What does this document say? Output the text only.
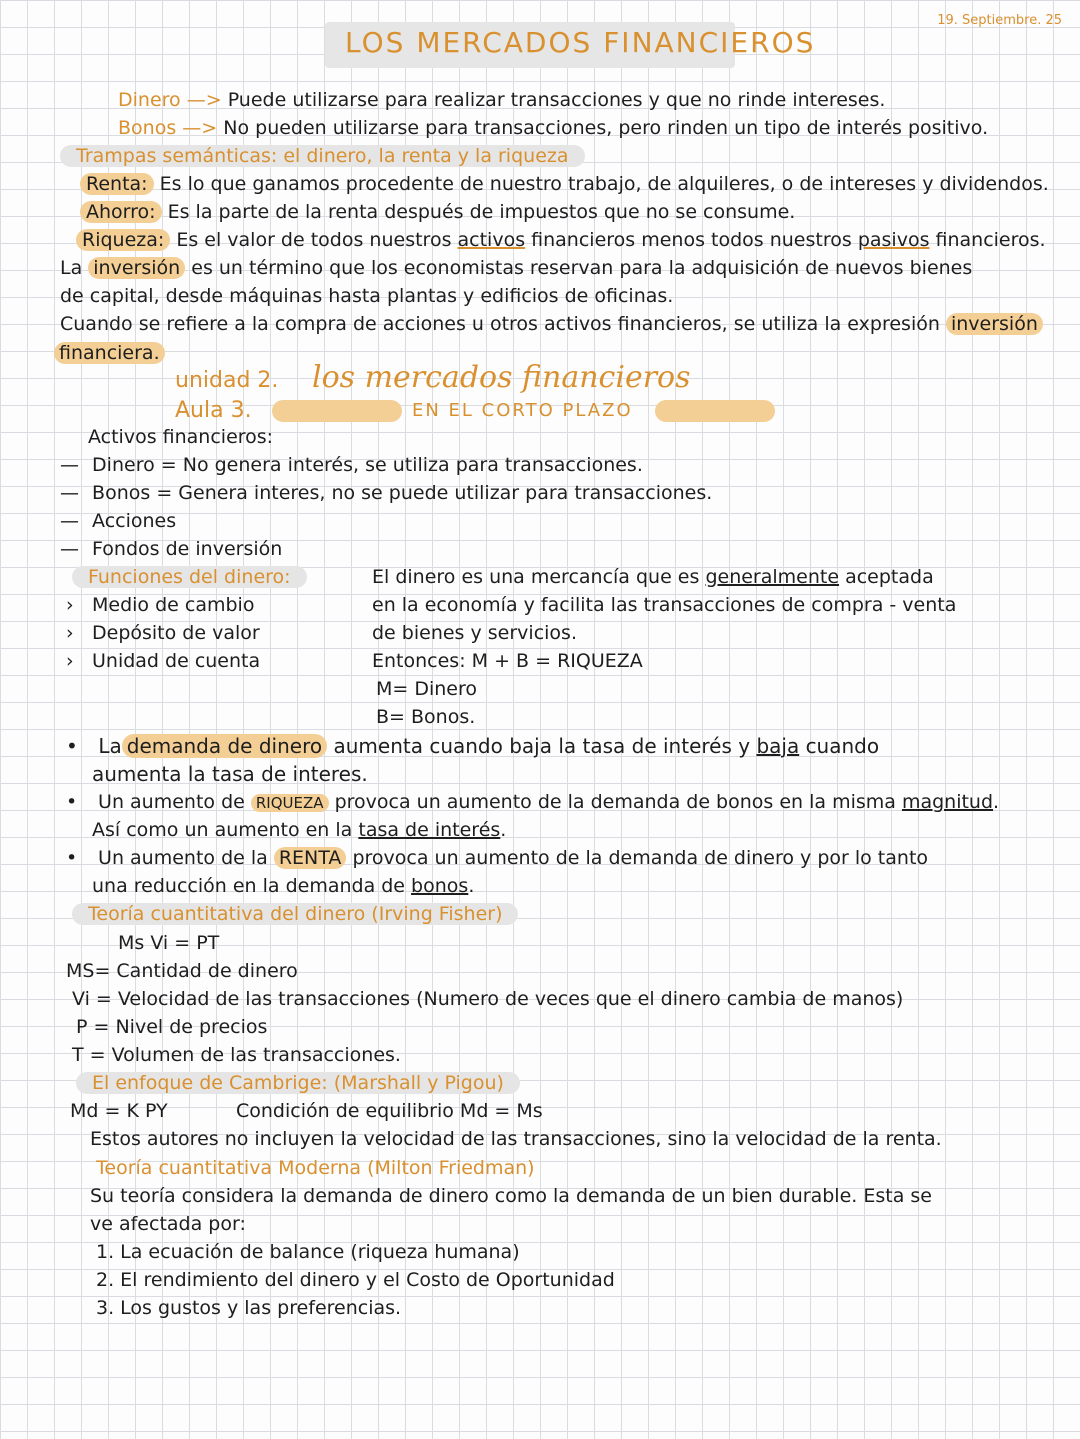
19. Septiembre. 25
LOS MERCADOS FINANCIEROS
Dinero —> Puede utilizarse para realizar transacciones y que no rinde intereses.
Bonos —> No pueden utilizarse para transacciones, pero rinden un tipo de interés positivo.
Trampas semánticas: el dinero, la renta y la riqueza
Renta: Es lo que ganamos procedente de nuestro trabajo, de alquileres, o de intereses y dividendos.
Ahorro: Es la parte de la renta después de impuestos que no se consume.
Riqueza: Es el valor de todos nuestros activos financieros menos todos nuestros pasivos financieros.
La inversión es un término que los economistas reservan para la adquisición de nuevos bienes
de capital, desde máquinas hasta plantas y edificios de oficinas.
Cuando se refiere a la compra de acciones u otros activos financieros, se utiliza la expresión inversión
financiera.
unidad 2. los mercados financieros
Aula 3.	EN EL CORTO PLAZO
Activos financieros:
— Dinero = No genera interés, se utiliza para transacciones.
— Bonos = Genera interes, no se puede utilizar para transacciones.
— Acciones
— Fondos de inversión
Funciones del dinero:
› Medio de cambio
› Depósito de valor
› Unidad de cuenta
El dinero es una mercancía que es generalmente aceptada
en la economía y facilita las transacciones de compra - venta
de bienes y servicios.
Entonces: M + B = RIQUEZA
M= Dinero
B= Bonos.
• La demanda de dinero aumenta cuando baja la tasa de interés y baja cuando
aumenta la tasa de interes.
• Un aumento de RIQUEZA provoca un aumento de la demanda de bonos en la misma magnitud.
Así como un aumento en la tasa de interés.
• Un aumento de la RENTA provoca un aumento de la demanda de dinero y por lo tanto
una reducción en la demanda de bonos.
Teoría cuantitativa del dinero (Irving Fisher)
Ms Vi = PT
MS= Cantidad de dinero
Vi = Velocidad de las transacciones (Numero de veces que el dinero cambia de manos)
P = Nivel de precios
T = Volumen de las transacciones.
El enfoque de Cambrige: (Marshall y Pigou)
Md = K PY	Condición de equilibrio Md = Ms
Estos autores no incluyen la velocidad de las transacciones, sino la velocidad de la renta.
Teoría cuantitativa Moderna (Milton Friedman)
Su teoría considera la demanda de dinero como la demanda de un bien durable. Esta se
ve afectada por:
1. La ecuación de balance (riqueza humana)
2. El rendimiento del dinero y el Costo de Oportunidad
3. Los gustos y las preferencias.
